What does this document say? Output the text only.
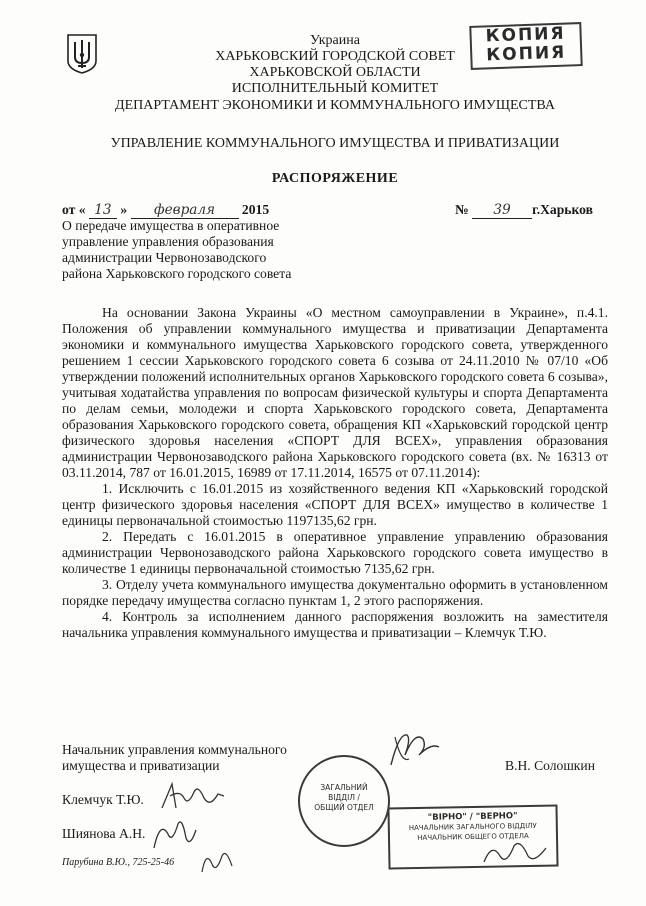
Украина
ХАРЬКОВСКИЙ ГОРОДСКОЙ СОВЕТ
ХАРЬКОВСКОЙ ОБЛАСТИ
ИСПОЛНИТЕЛЬНЫЙ КОМИТЕТ
ДЕПАРТАМЕНТ ЭКОНОМИКИ И КОММУНАЛЬНОГО ИМУЩЕСТВА
УПРАВЛЕНИЕ КОММУНАЛЬНОГО ИМУЩЕСТВА И ПРИВАТИЗАЦИИ
РАСПОРЯЖЕНИЕ
КОПИЯ
КОПИЯ
от « 13 » февраля 2015	№ 39 г.Харьков
О передаче имущества в оперативное
управление управления образования
администрации Червонозаводского
района Харьковского городского совета
На основании Закона Украины «О местном самоуправлении в Украине», п.4.1. Положения об управлении коммунального имущества и приватизации Департамента экономики и коммунального имущества Харьковского городского совета, утвержденного решением 1 сессии Харьковского городского совета 6 созыва от 24.11.2010 № 07/10 «Об утверждении положений исполнительных органов Харьковского городского совета 6 созыва», учитывая ходатайства управления по вопросам физической культуры и спорта Департамента по делам семьи, молодежи и спорта Харьковского городского совета, Департамента образования Харьковского городского совета, обращения КП «Харьковский городской центр физического здоровья населения «СПОРТ ДЛЯ ВСЕХ», управления образования администрации Червонозаводского района Харьковского городского совета (вх. № 16313 от 03.11.2014, 787 от 16.01.2015, 16989 от 17.11.2014, 16575 от 07.11.2014):
1. Исключить с 16.01.2015 из хозяйственного ведения КП «Харьковский городской центр физического здоровья населения «СПОРТ ДЛЯ ВСЕХ» имущество в количестве 1 единицы первоначальной стоимостью 1197135,62 грн.
2. Передать с 16.01.2015 в оперативное управление управлению образования администрации Червонозаводского района Харьковского городского совета имущество в количестве 1 единицы первоначальной стоимостью 7135,62 грн.
3. Отделу учета коммунального имущества документально оформить в установленном порядке передачу имущества согласно пунктам 1, 2 этого распоряжения.
4. Контроль за исполнением данного распоряжения возложить на заместителя начальника управления коммунального имущества и приватизации – Клемчук Т.Ю.
Начальник управления коммунального
имущества и приватизации	В.Н. Солошкин
ЗАГАЛЬНИЙ
ВІДДІЛ /
ОБЩИЙ ОТДЕЛ
Клемчук Т.Ю.
Шиянова А.Н.
Парубина В.Ю., 725-25-46
"ВІРНО" / "ВЕРНО"
НАЧАЛЬНИК ЗАГАЛЬНОГО ВІДДІЛУ
НАЧАЛЬНИК ОБЩЕГО ОТДЕЛА
